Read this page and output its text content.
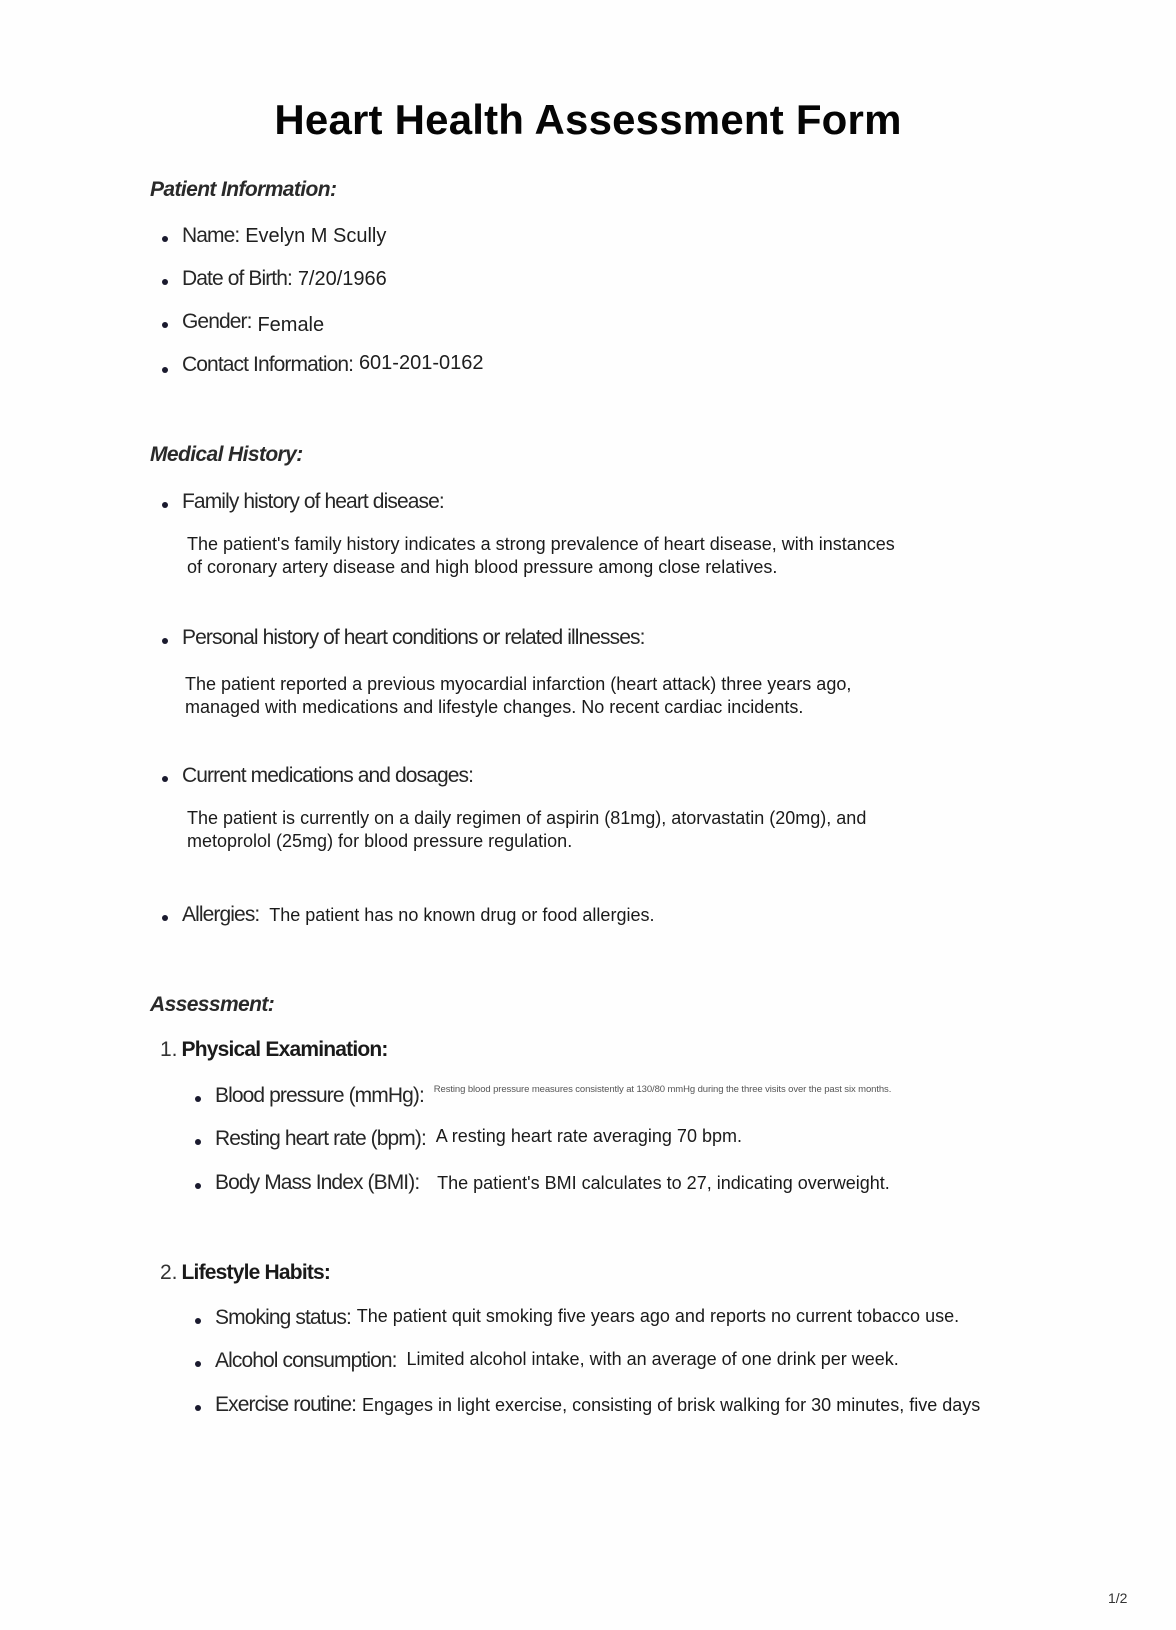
Heart Health Assessment Form
Patient Information:
Name: Evelyn M Scully
Date of Birth: 7/20/1966
Gender: Female
Contact Information: 601-201-0162
Medical History:
Family history of heart disease:

The patient's family history indicates a strong prevalence of heart disease, with instances
of coronary artery disease and high blood pressure among close relatives.

Personal history of heart conditions or related illnesses:

The patient reported a previous myocardial infarction (heart attack) three years ago,
managed with medications and lifestyle changes. No recent cardiac incidents.

Current medications and dosages:

The patient is currently on a daily regimen of aspirin (81mg), atorvastatin (20mg), and
metoprolol (25mg) for blood pressure regulation.

Allergies: The patient has no known drug or food allergies.
Assessment:
1. Physical Examination:
Blood pressure (mmHg): $^{Resting blood pressure measures consistently at 130/80 mmHg during the three visits over the past six months.}$
Resting heart rate (bpm): A resting heart rate averaging 70 bpm.
Body Mass Index (BMI): The patient's BMI calculates to 27, indicating overweight.
2. Lifestyle Habits:
Smoking status: The patient quit smoking five years ago and reports no current tobacco use.
Alcohol consumption: Limited alcohol intake, with an average of one drink per week.
Exercise routine: Engages in light exercise, consisting of brisk walking for 30 minutes, five days
1/2
